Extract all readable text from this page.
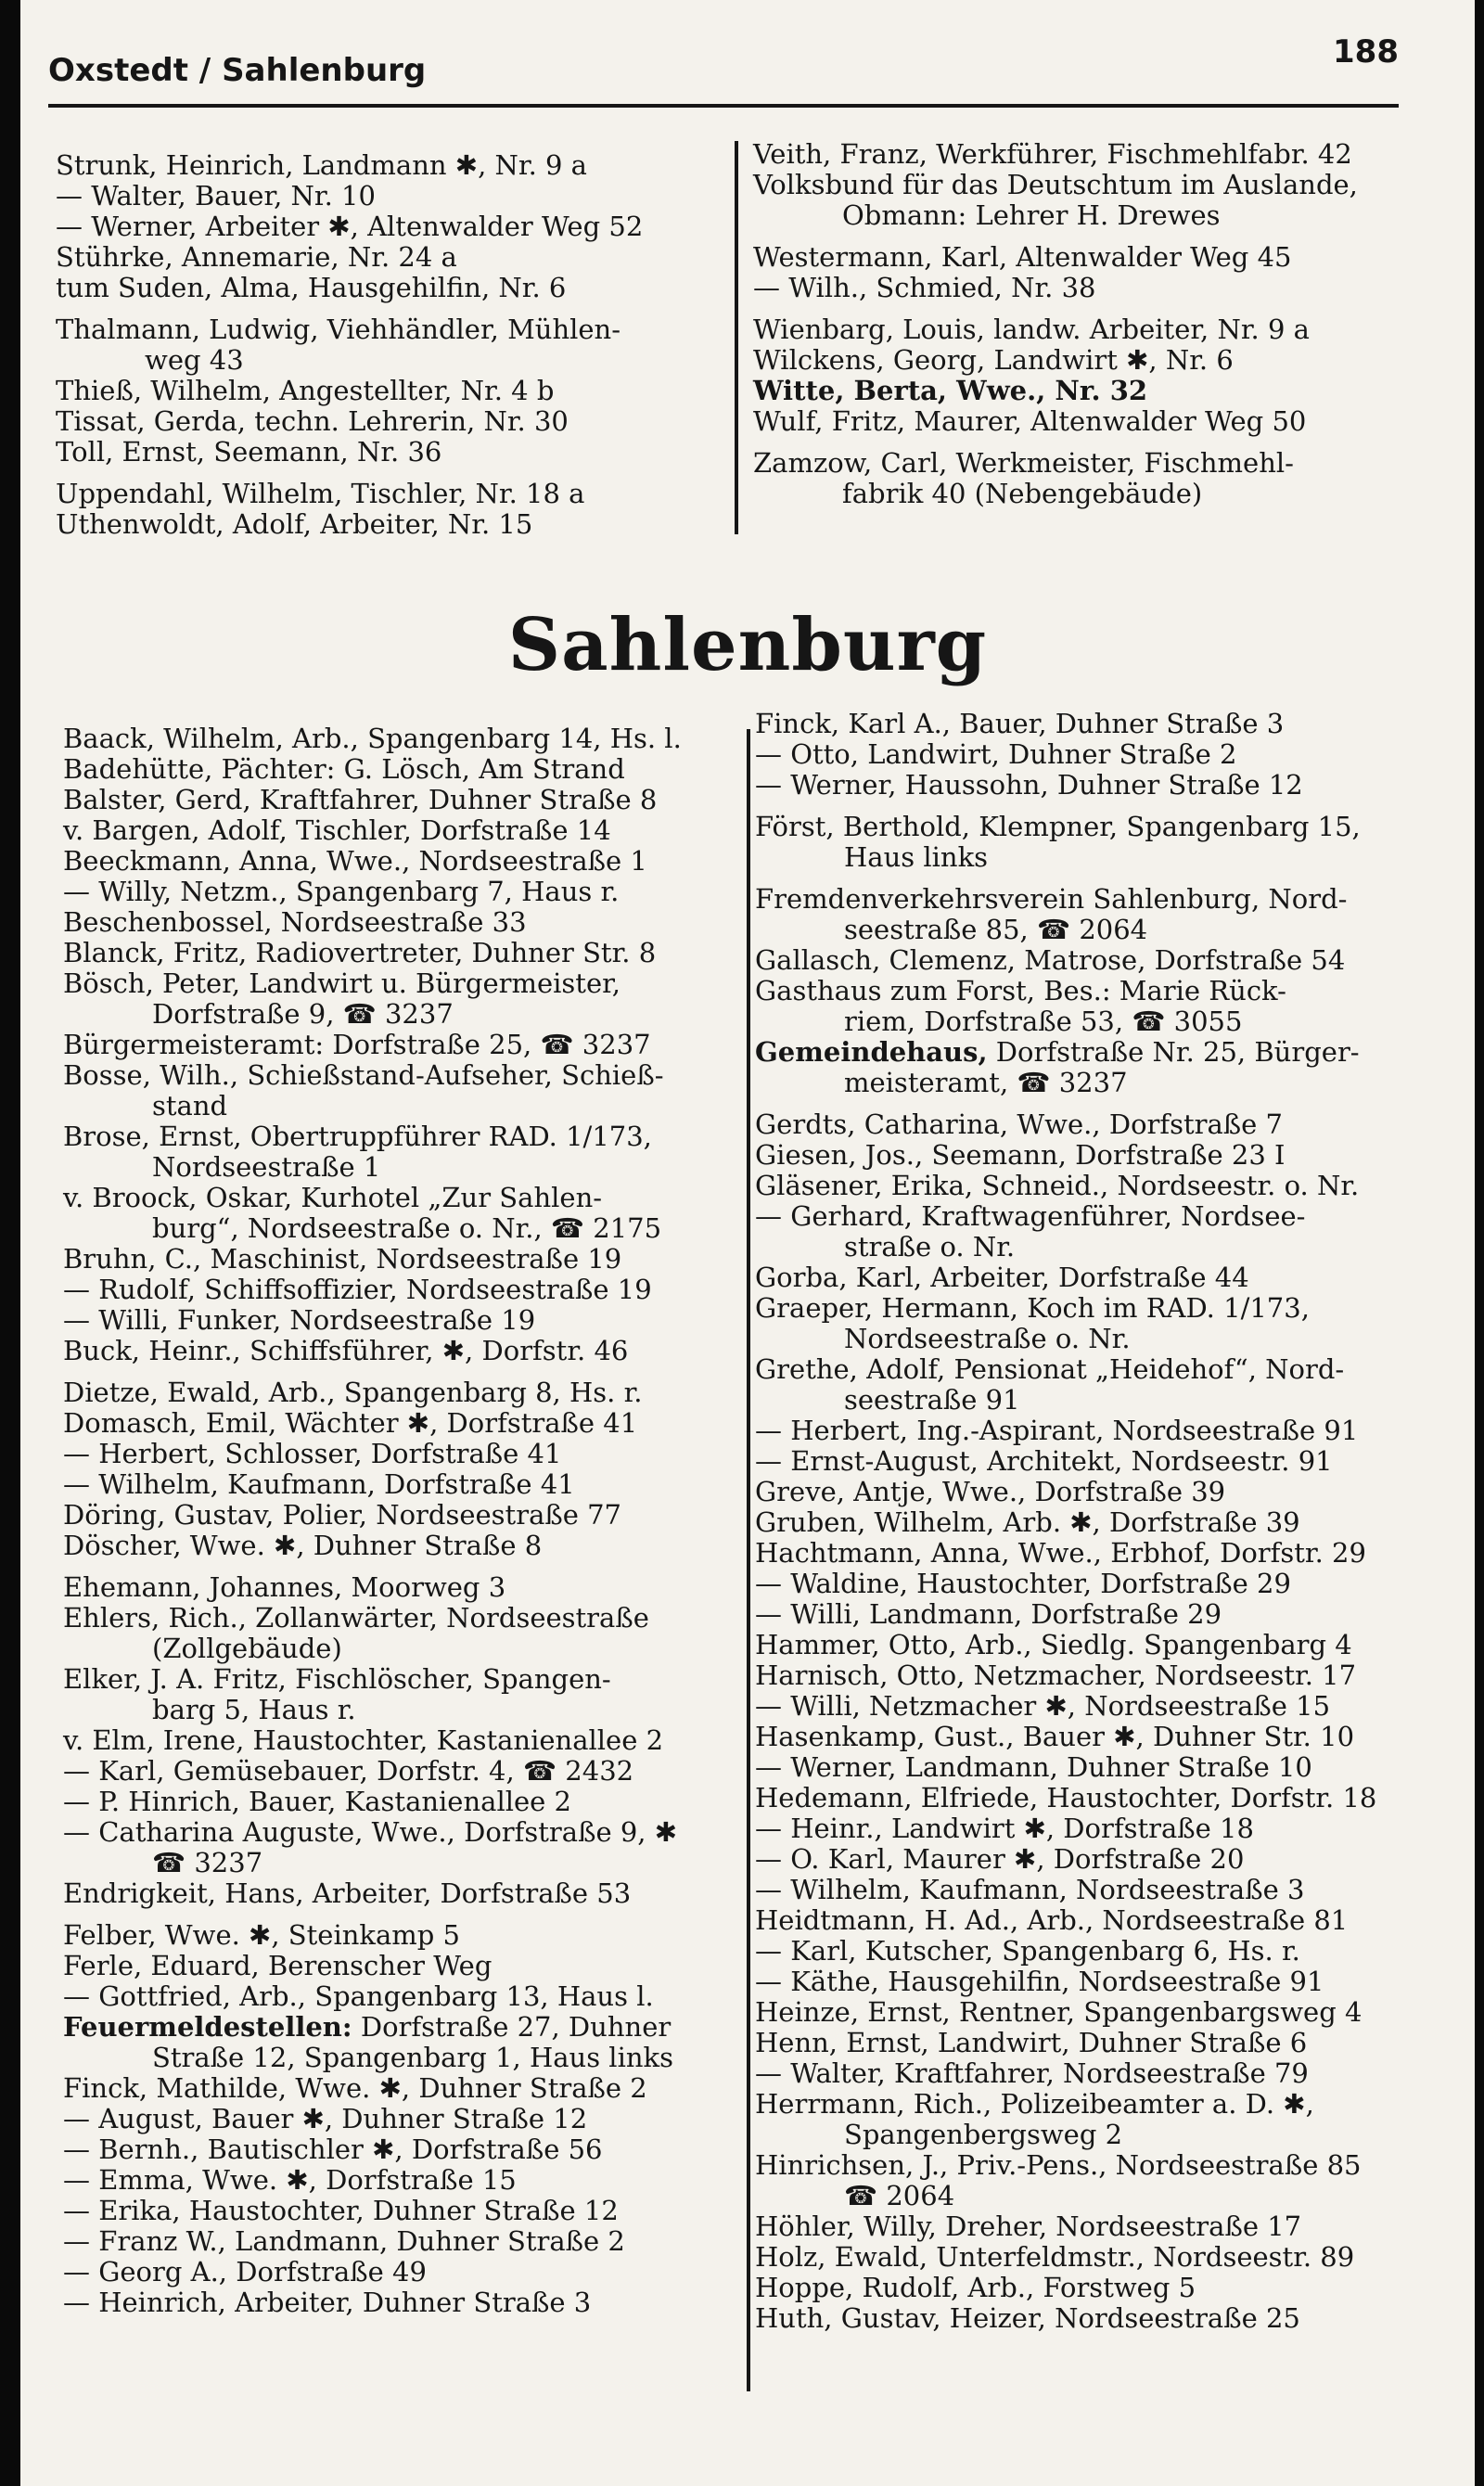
Oxstedt / Sahlenburg	188
Strunk, Heinrich, Landmann ✱, Nr. 9 a
— Walter, Bauer, Nr. 10
— Werner, Arbeiter ✱, Altenwalder Weg 52
Stührke, Annemarie, Nr. 24 a
tum Suden, Alma, Hausgehilfin, Nr. 6
Thalmann, Ludwig, Viehhändler, Mühlen-
weg 43
Thieß, Wilhelm, Angestellter, Nr. 4 b
Tissat, Gerda, techn. Lehrerin, Nr. 30
Toll, Ernst, Seemann, Nr. 36
Uppendahl, Wilhelm, Tischler, Nr. 18 a
Uthenwoldt, Adolf, Arbeiter, Nr. 15
Veith, Franz, Werkführer, Fischmehlfabr. 42
Volksbund für das Deutschtum im Auslande,
Obmann: Lehrer H. Drewes
Westermann, Karl, Altenwalder Weg 45
— Wilh., Schmied, Nr. 38
Wienbarg, Louis, landw. Arbeiter, Nr. 9 a
Wilckens, Georg, Landwirt ✱, Nr. 6
Witte, Berta, Wwe., Nr. 32
Wulf, Fritz, Maurer, Altenwalder Weg 50
Zamzow, Carl, Werkmeister, Fischmehl-
fabrik 40 (Nebengebäude)
Sahlenburg
Baack, Wilhelm, Arb., Spangenbarg 14, Hs. l.
Badehütte, Pächter: G. Lösch, Am Strand
Balster, Gerd, Kraftfahrer, Duhner Straße 8
v. Bargen, Adolf, Tischler, Dorfstraße 14
Beeckmann, Anna, Wwe., Nordseestraße 1
— Willy, Netzm., Spangenbarg 7, Haus r.
Beschenbossel, Nordseestraße 33
Blanck, Fritz, Radiovertreter, Duhner Str. 8
Bösch, Peter, Landwirt u. Bürgermeister,
Dorfstraße 9, ☎ 3237
Bürgermeisteramt: Dorfstraße 25, ☎ 3237
Bosse, Wilh., Schießstand-Aufseher, Schieß-
stand
Brose, Ernst, Obertruppführer RAD. 1/173,
Nordseestraße 1
v. Broock, Oskar, Kurhotel „Zur Sahlen-
burg“, Nordseestraße o. Nr., ☎ 2175
Bruhn, C., Maschinist, Nordseestraße 19
— Rudolf, Schiffsoffizier, Nordseestraße 19
— Willi, Funker, Nordseestraße 19
Buck, Heinr., Schiffsführer, ✱, Dorfstr. 46
Dietze, Ewald, Arb., Spangenbarg 8, Hs. r.
Domasch, Emil, Wächter ✱, Dorfstraße 41
— Herbert, Schlosser, Dorfstraße 41
— Wilhelm, Kaufmann, Dorfstraße 41
Döring, Gustav, Polier, Nordseestraße 77
Döscher, Wwe. ✱, Duhner Straße 8
Ehemann, Johannes, Moorweg 3
Ehlers, Rich., Zollanwärter, Nordseestraße
(Zollgebäude)
Elker, J. A. Fritz, Fischlöscher, Spangen-
barg 5, Haus r.
v. Elm, Irene, Haustochter, Kastanienallee 2
— Karl, Gemüsebauer, Dorfstr. 4, ☎ 2432
— P. Hinrich, Bauer, Kastanienallee 2
— Catharina Auguste, Wwe., Dorfstraße 9, ✱
☎ 3237
Endrigkeit, Hans, Arbeiter, Dorfstraße 53
Felber, Wwe. ✱, Steinkamp 5
Ferle, Eduard, Berenscher Weg
— Gottfried, Arb., Spangenbarg 13, Haus l.
Feuermeldestellen: Dorfstraße 27, Duhner
Straße 12, Spangenbarg 1, Haus links
Finck, Mathilde, Wwe. ✱, Duhner Straße 2
— August, Bauer ✱, Duhner Straße 12
— Bernh., Bautischler ✱, Dorfstraße 56
— Emma, Wwe. ✱, Dorfstraße 15
— Erika, Haustochter, Duhner Straße 12
— Franz W., Landmann, Duhner Straße 2
— Georg A., Dorfstraße 49
— Heinrich, Arbeiter, Duhner Straße 3
Finck, Karl A., Bauer, Duhner Straße 3
— Otto, Landwirt, Duhner Straße 2
— Werner, Haussohn, Duhner Straße 12
Först, Berthold, Klempner, Spangenbarg 15,
Haus links
Fremdenverkehrsverein Sahlenburg, Nord-
seestraße 85, ☎ 2064
Gallasch, Clemenz, Matrose, Dorfstraße 54
Gasthaus zum Forst, Bes.: Marie Rück-
riem, Dorfstraße 53, ☎ 3055
Gemeindehaus, Dorfstraße Nr. 25, Bürger-
meisteramt, ☎ 3237
Gerdts, Catharina, Wwe., Dorfstraße 7
Giesen, Jos., Seemann, Dorfstraße 23 I
Gläsener, Erika, Schneid., Nordseestr. o. Nr.
— Gerhard, Kraftwagenführer, Nordsee-
straße o. Nr.
Gorba, Karl, Arbeiter, Dorfstraße 44
Graeper, Hermann, Koch im RAD. 1/173,
Nordseestraße o. Nr.
Grethe, Adolf, Pensionat „Heidehof“, Nord-
seestraße 91
— Herbert, Ing.-Aspirant, Nordseestraße 91
— Ernst-August, Architekt, Nordseestr. 91
Greve, Antje, Wwe., Dorfstraße 39
Gruben, Wilhelm, Arb. ✱, Dorfstraße 39
Hachtmann, Anna, Wwe., Erbhof, Dorfstr. 29
— Waldine, Haustochter, Dorfstraße 29
— Willi, Landmann, Dorfstraße 29
Hammer, Otto, Arb., Siedlg. Spangenbarg 4
Harnisch, Otto, Netzmacher, Nordseestr. 17
— Willi, Netzmacher ✱, Nordseestraße 15
Hasenkamp, Gust., Bauer ✱, Duhner Str. 10
— Werner, Landmann, Duhner Straße 10
Hedemann, Elfriede, Haustochter, Dorfstr. 18
— Heinr., Landwirt ✱, Dorfstraße 18
— O. Karl, Maurer ✱, Dorfstraße 20
— Wilhelm, Kaufmann, Nordseestraße 3
Heidtmann, H. Ad., Arb., Nordseestraße 81
— Karl, Kutscher, Spangenbarg 6, Hs. r.
— Käthe, Hausgehilfin, Nordseestraße 91
Heinze, Ernst, Rentner, Spangenbargsweg 4
Henn, Ernst, Landwirt, Duhner Straße 6
— Walter, Kraftfahrer, Nordseestraße 79
Herrmann, Rich., Polizeibeamter a. D. ✱,
Spangenbergsweg 2
Hinrichsen, J., Priv.-Pens., Nordseestraße 85
☎ 2064
Höhler, Willy, Dreher, Nordseestraße 17
Holz, Ewald, Unterfeldmstr., Nordseestr. 89
Hoppe, Rudolf, Arb., Forstweg 5
Huth, Gustav, Heizer, Nordseestraße 25
